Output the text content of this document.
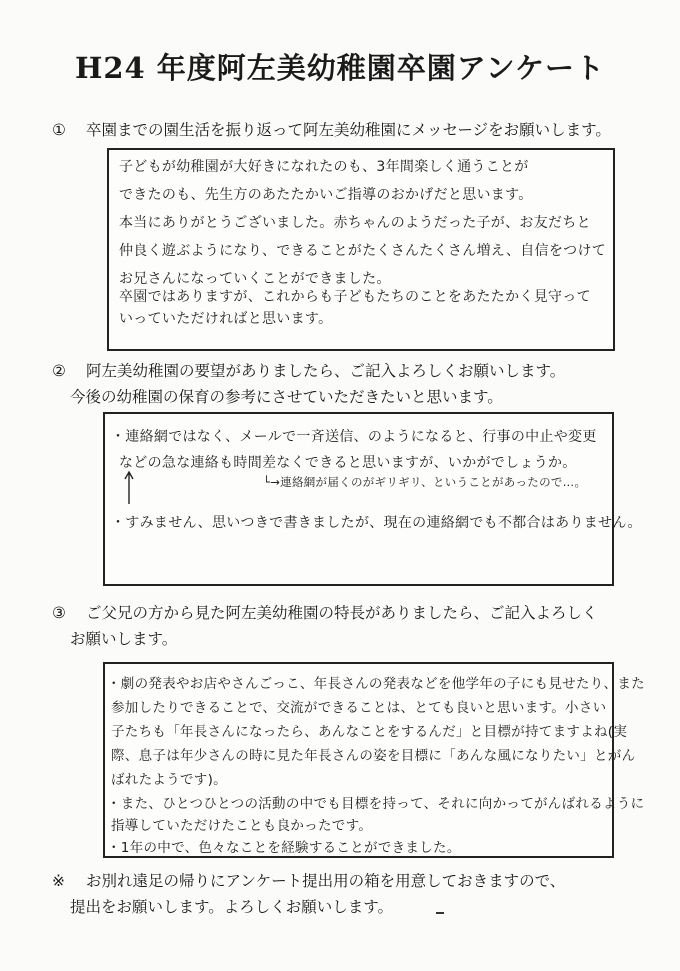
H24 年度阿左美幼稚園卒園アンケート
① 卒園までの園生活を振り返って阿左美幼稚園にメッセージをお願いします。
子どもが幼稚園が大好きになれたのも、3年間楽しく通うことが
できたのも、先生方のあたたかいご指導のおかげだと思います。
本当にありがとうございました。赤ちゃんのようだった子が、お友だちと
仲良く遊ぶようになり、できることがたくさんたくさん増え、自信をつけて
お兄さんになっていくことができました。
卒園ではありますが、これからも子どもたちのことをあたたかく見守って
いっていただければと思います。
② 阿左美幼稚園の要望がありましたら、ご記入よろしくお願いします。
今後の幼稚園の保育の参考にさせていただきたいと思います。
・連絡網ではなく、メールで一斉送信、のようになると、行事の中止や変更
などの急な連絡も時間差なくできると思いますが、いかがでしょうか。
└→連絡網が届くのがギリギリ、ということがあったので…。
・すみません、思いつきで書きましたが、現在の連絡網でも不都合はありません。
③ ご父兄の方から見た阿左美幼稚園の特長がありましたら、ご記入よろしく
お願いします。
・劇の発表やお店やさんごっこ、年長さんの発表などを他学年の子にも見せたり、また
参加したりできることで、交流ができることは、とても良いと思います。小さい
子たちも「年長さんになったら、あんなことをするんだ」と目標が持てますよね(実
際、息子は年少さんの時に見た年長さんの姿を目標に「あんな風になりたい」とがん
ばれたようです)。
・また、ひとつひとつの活動の中でも目標を持って、それに向かってがんばれるように
指導していただけたことも良かったです。
・1年の中で、色々なことを経験することができました。
※ お別れ遠足の帰りにアンケート提出用の箱を用意しておきますので、
提出をお願いします。よろしくお願いします。
